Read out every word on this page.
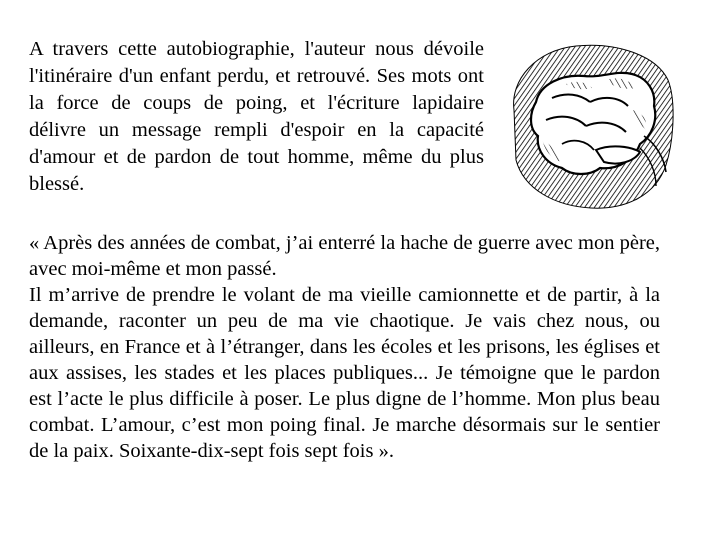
A travers cette autobiographie, l'auteur nous dévoile l'itinéraire d'un enfant perdu, et retrouvé. Ses mots ont la force de coups de poing, et l'écriture lapidaire délivre un message rempli d'espoir en la capacité d'amour et de pardon de tout homme, même du plus blessé.

« Après des années de combat, j’ai enterré la hache de guerre avec mon père, avec moi-même et mon passé.

Il m’arrive de prendre le volant de ma vieille camionnette et de partir, à la demande, raconter un peu de ma vie chaotique. Je vais chez nous, ou ailleurs, en France et à l’étranger, dans les écoles et les prisons, les églises et aux assises, les stades et les places publiques... Je témoigne que le pardon est l’acte le plus difficile à poser. Le plus digne de l’homme. Mon plus beau combat. L’amour, c’est mon poing final. Je marche désormais sur le sentier de la paix. Soixante-dix-sept fois sept fois ».
